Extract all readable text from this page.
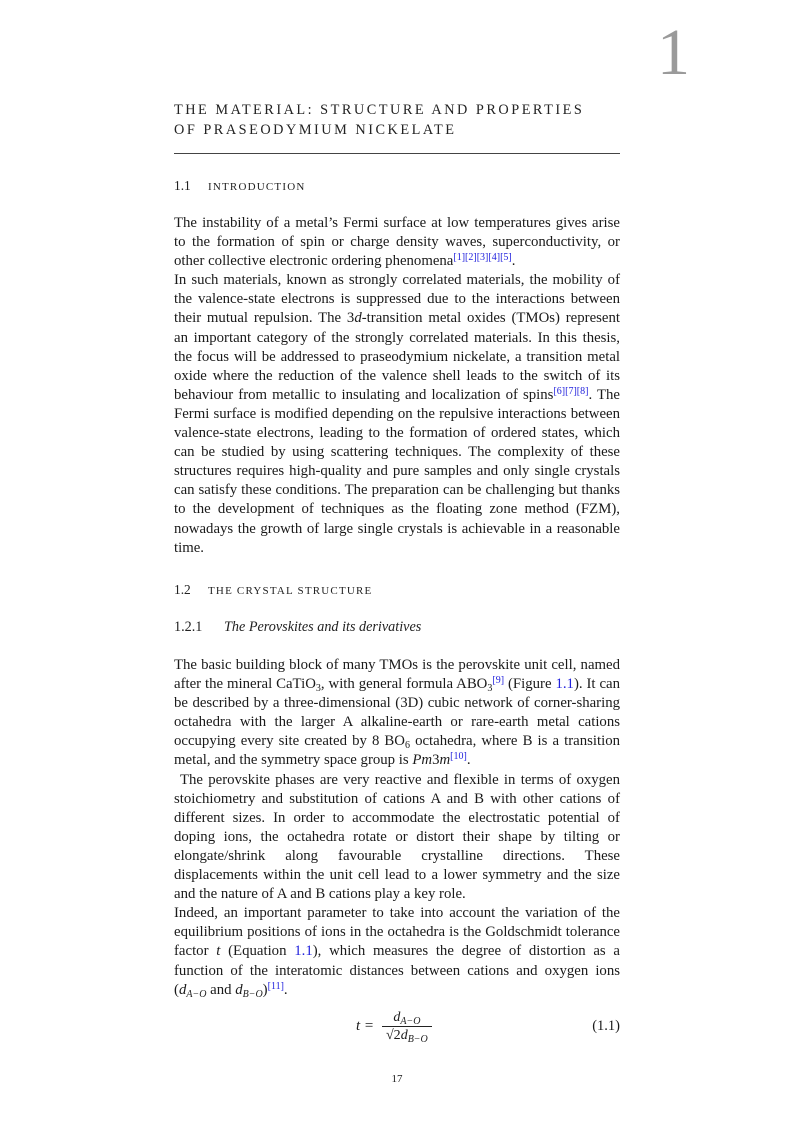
1
THE MATERIAL: STRUCTURE AND PROPERTIES
OF PRASEODYMIUM NICKELATE
1.1 INTRODUCTION

The instability of a metal’s Fermi surface at low temperatures gives arise to the formation of spin or charge density waves, superconductivity, or other collective electronic ordering phenomena[1][2][3][4][5].

In such materials, known as strongly correlated materials, the mobility of the valence-state electrons is suppressed due to the interactions between their mutual repulsion. The 3d-transition metal oxides (TMOs) represent an important category of the strongly correlated materials. In this thesis, the focus will be addressed to praseodymium nickelate, a transition metal oxide where the reduction of the valence shell leads to the switch of its behaviour from metallic to insulating and localization of spins[6][7][8]. The Fermi surface is modified depending on the repulsive interactions between valence-state electrons, leading to the formation of ordered states, which can be studied by using scattering techniques. The complexity of these structures requires high-quality and pure samples and only single crystals can satisfy these conditions. The preparation can be challenging but thanks to the development of techniques as the floating zone method (FZM), nowadays the growth of large single crystals is achievable in a reasonable time.

1.2 THE CRYSTAL STRUCTURE
1.2.1 The Perovskites and its derivatives

The basic building block of many TMOs is the perovskite unit cell, named after the mineral CaTiO$_3$, with general formula $ABO_3[9]$ (Figure 1.1). It can be described by a three-dimensional (3D) cubic network of corner-sharing octahedra with the larger A alkaline-earth or rare-earth metal cations occupying every site created by 8 $BO_6$ octahedra, where B is a transition metal, and the symmetry space group is Pm3m[10].

The perovskite phases are very reactive and flexible in terms of oxygen stoichiometry and substitution of cations A and B with other cations of different sizes. In order to accommodate the electrostatic potential of doping ions, the octahedra rotate or distort their shape by tilting or elongate/shrink along favourable crystalline directions. These displacements within the unit cell lead to a lower symmetry and the size and the nature of A and B cations play a key role.

Indeed, an important parameter to take into account the variation of the equilibrium positions of ions in the octahedra is the Goldschmidt tolerance factor t (Equation 1.1), which measures the degree of distortion as a function of the interatomic distances between cations and oxygen ions ($d_{A-O}$ and $d_{B-O})[11]$.

$t = \frac{d_{A-O}}{√2d_{B-O}}$	(1.1)
17
